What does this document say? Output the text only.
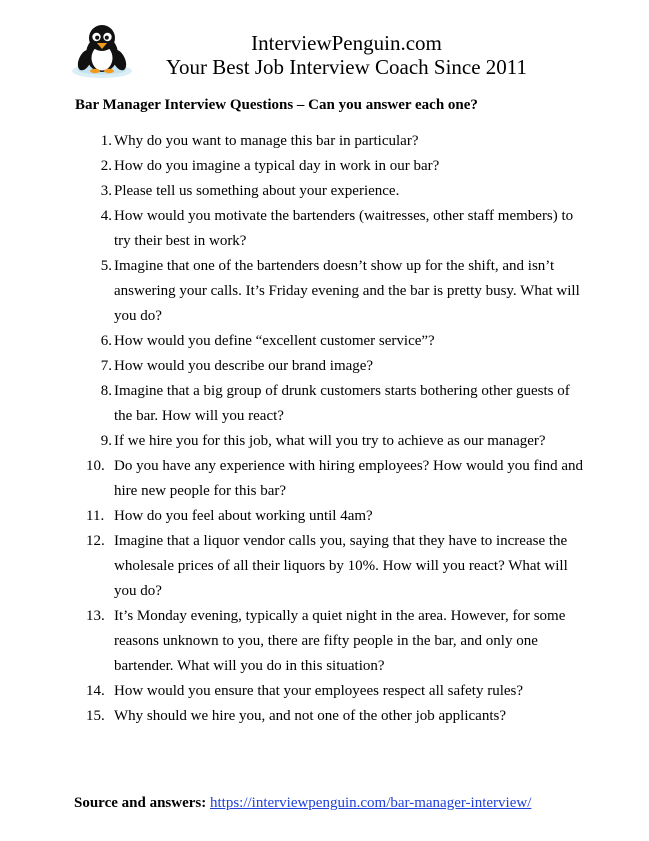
InterviewPenguin.com
Your Best Job Interview Coach Since 2011
Bar Manager Interview Questions – Can you answer each one?
1. Why do you want to manage this bar in particular?
2. How do you imagine a typical day in work in our bar?
3. Please tell us something about your experience.
4. How would you motivate the bartenders (waitresses, other staff members) to try their best in work?
5. Imagine that one of the bartenders doesn’t show up for the shift, and isn’t answering your calls. It’s Friday evening and the bar is pretty busy. What will you do?
6. How would you define “excellent customer service”?
7. How would you describe our brand image?
8. Imagine that a big group of drunk customers starts bothering other guests of the bar. How will you react?
9. If we hire you for this job, what will you try to achieve as our manager?
10. Do you have any experience with hiring employees? How would you find and hire new people for this bar?
11. How do you feel about working until 4am?
12. Imagine that a liquor vendor calls you, saying that they have to increase the wholesale prices of all their liquors by 10%. How will you react? What will you do?
13. It’s Monday evening, typically a quiet night in the area. However, for some reasons unknown to you, there are fifty people in the bar, and only one bartender. What will you do in this situation?
14. How would you ensure that your employees respect all safety rules?
15. Why should we hire you, and not one of the other job applicants?
Source and answers: https://interviewpenguin.com/bar-manager-interview/
